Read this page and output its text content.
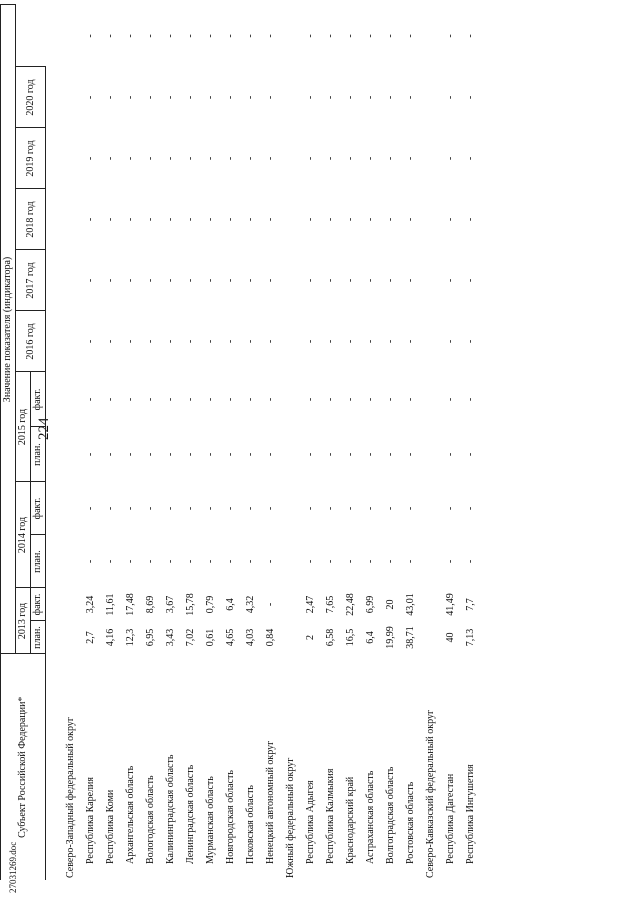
224
Субъект Российской Федерации*	Значение показателя (индикатора)											
	2013 год		2014 год		2015 год		2016 год	2017 год	2018 год	2019 год	2020 год	
	план.	факт.	план.	факт.	план.	факт.						

Северо-Западный федеральный округ												
Республика Карелия	2,7	3,24	-	-	-	-	-	-	-	-	-	-
Республика Коми	4,16	11,61	-	-	-	-	-	-	-	-	-	-
Архангельская область	12,3	17,48	-	-	-	-	-	-	-	-	-	-
Вологодская область	6,95	8,69	-	-	-	-	-	-	-	-	-	-
Калининградская область	3,43	3,67	-	-	-	-	-	-	-	-	-	-
Ленинградская область	7,02	15,78	-	-	-	-	-	-	-	-	-	-
Мурманская область	0,61	0,79	-	-	-	-	-	-	-	-	-	-
Новгородская область	4,65	6,4	-	-	-	-	-	-	-	-	-	-
Псковская область	4,03	4,32	-	-	-	-	-	-	-	-	-	-
Ненецкий автономный округ	0,84	-	-	-	-	-	-	-	-	-	-	-
Южный федеральный округ												
Республика Адыгея	2	2,47	-	-	-	-	-	-	-	-	-	-
Республика Калмыкия	6,58	7,65	-	-	-	-	-	-	-	-	-	-
Краснодарский край	16,5	22,48	-	-	-	-	-	-	-	-	-	-
Астраханская область	6,4	6,99	-	-	-	-	-	-	-	-	-	-
Волгоградская область	19,99	20	-	-	-	-	-	-	-	-	-	-
Ростовская область	38,71	43,01	-	-	-	-	-	-	-	-	-	-
Северо-Кавказский федеральный округ												
Республика Дагестан	40	41,49	-	-	-	-	-	-	-	-	-	-
Республика Ингушетия	7,13	7,7	-	-	-	-	-	-	-	-	-	-
27031269.doc
